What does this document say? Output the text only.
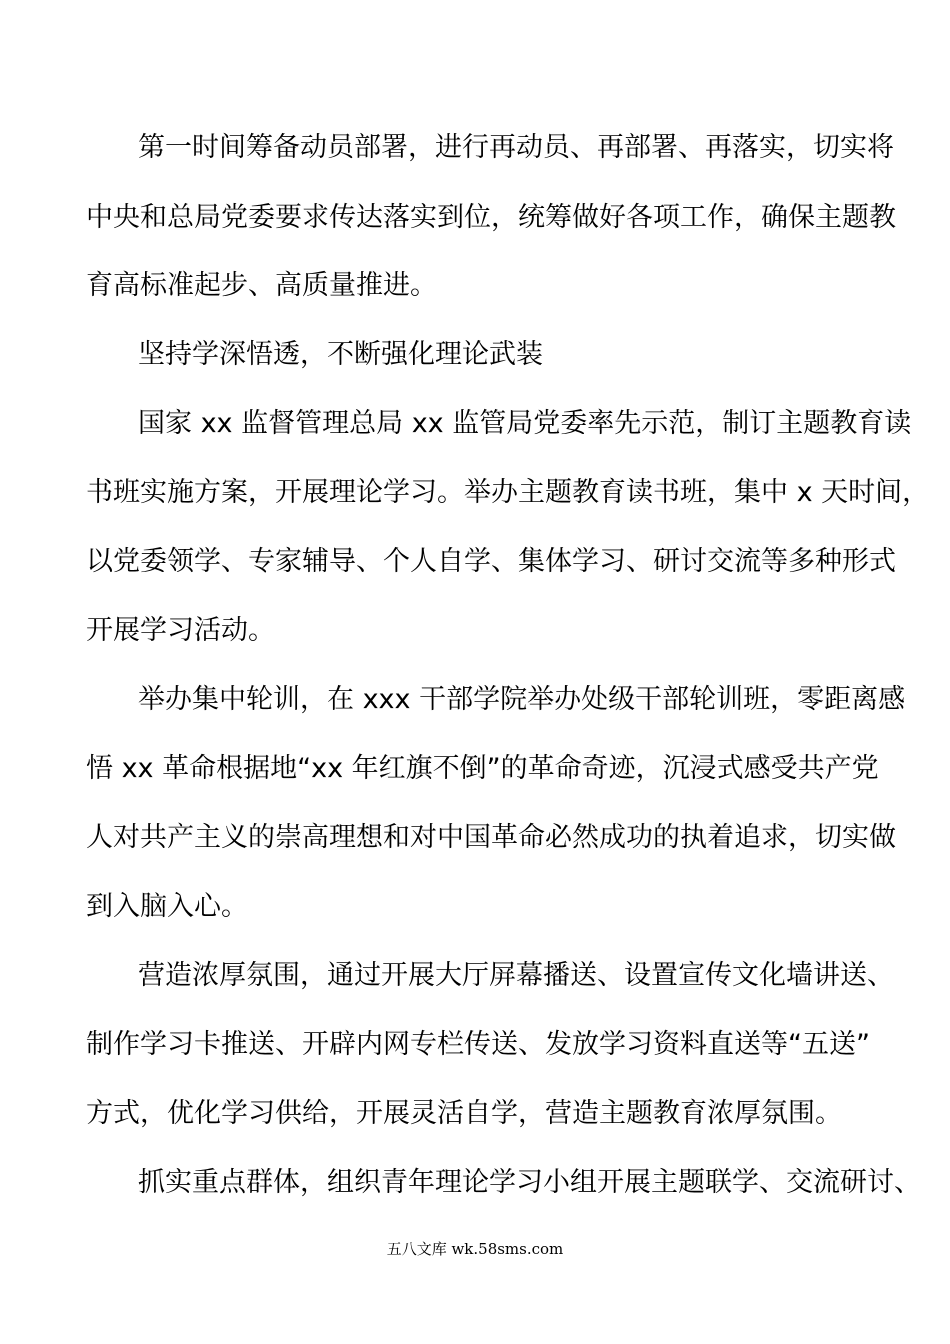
第一时间筹备动员部署，进行再动员、再部署、再落实，切实将
中央和总局党委要求传达落实到位，统筹做好各项工作，确保主题教
育高标准起步、高质量推进。
坚持学深悟透，不断强化理论武装
国家 xx 监督管理总局 xx 监管局党委率先示范，制订主题教育读
书班实施方案，开展理论学习。举办主题教育读书班，集中 x 天时间，
以党委领学、专家辅导、个人自学、集体学习、研讨交流等多种形式
开展学习活动。
举办集中轮训，在 xxx 干部学院举办处级干部轮训班，零距离感
悟 xx 革命根据地“xx 年红旗不倒”的革命奇迹，沉浸式感受共产党
人对共产主义的崇高理想和对中国革命必然成功的执着追求，切实做
到入脑入心。
营造浓厚氛围，通过开展大厅屏幕播送、设置宣传文化墙讲送、
制作学习卡推送、开辟内网专栏传送、发放学习资料直送等“五送”
方式，优化学习供给，开展灵活自学，营造主题教育浓厚氛围。
抓实重点群体，组织青年理论学习小组开展主题联学、交流研讨、
五八文库 wk.58sms.com
